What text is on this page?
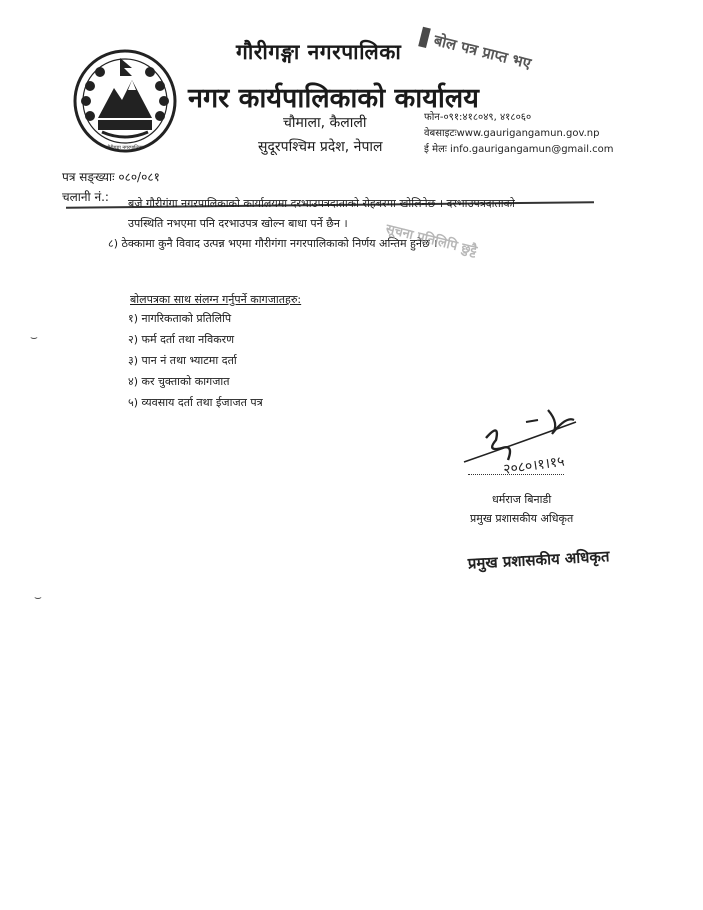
गौरीगङ्गा नगरपालिका
गौरीगङ्गा नगरपालिका
नगर कार्यपालिकाको कार्यालय
चौमाला, कैलाली
सुदूरपश्चिम प्रदेश, नेपाल
फोन-०९१:४१८०४९, ४१८०६०
वेबसाइटःwww.gaurigangamun.gov.np
ई मेलः info.gaurigangamun@gmail.com
बोल पत्र प्राप्त भए
पत्र सङ्ख्याः ०८०/०८१
चलानी नं.:	बजे गौरीगंगा नगरपालिकाको कार्यालयमा दरभाउपत्रदाताको रोहबरमा खोलिनेछ । दरभाउपत्रदाताको
उपस्थिति नभएमा पनि दरभाउपत्र खोल्न बाधा पर्ने छैन ।
८) ठेक्कामा कुनै विवाद उत्पन्न भएमा गौरीगंगा नगरपालिकाको निर्णय अन्तिम हुनेछ ।
सूचना प्रतिलिपि छुट्टै
बोलपत्रका साथ संलग्न गर्नुपर्ने कागजातहरु:
१) नागरिकताको प्रतिलिपि
२) फर्म दर्ता तथा नविकरण
३) पान नं तथा भ्याटमा दर्ता
४) कर चुक्ताको कागजात
५) व्यवसाय दर्ता तथा ईजाजत पत्र
२०८०।१।१५
धर्मराज बिनाडी
प्रमुख प्रशासकीय अधिकृत
प्रमुख प्रशासकीय अधिकृत
⌣
⌣
